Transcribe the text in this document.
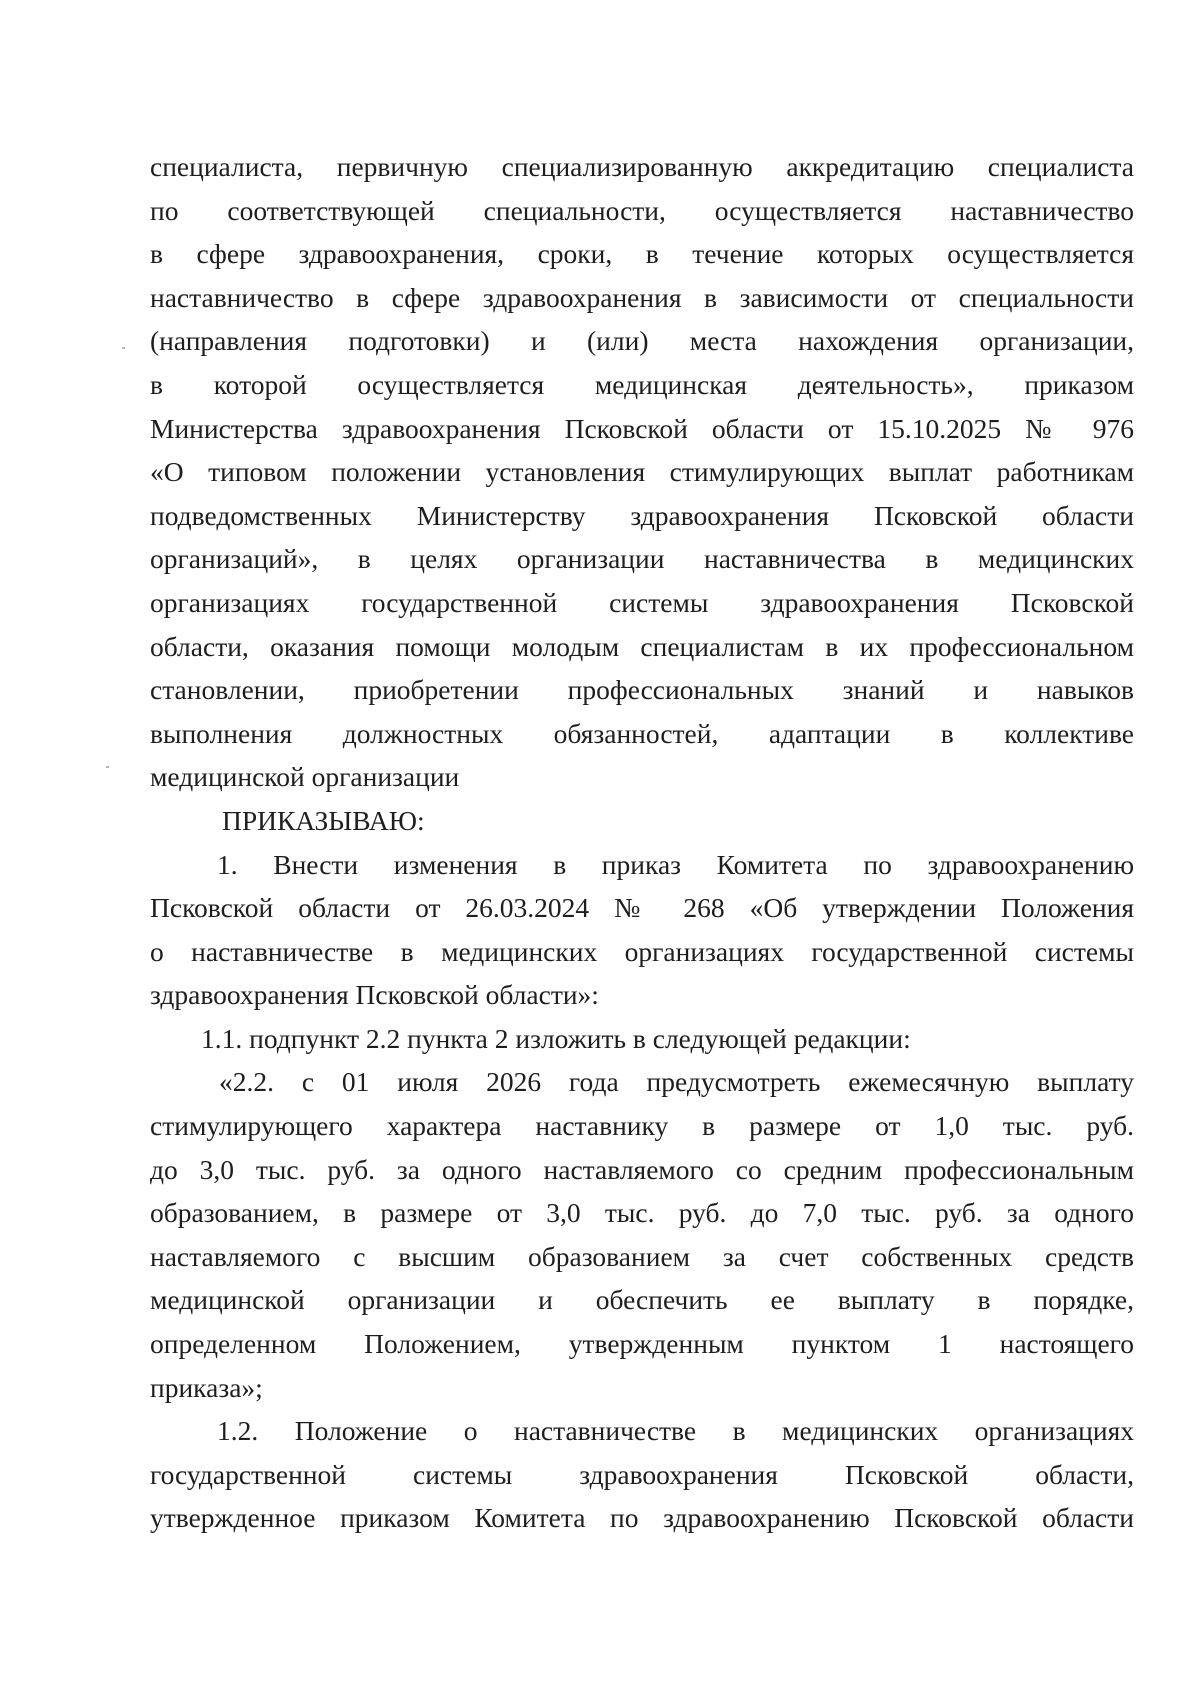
специалиста, первичную специализированную аккредитацию специалиста
по соответствующей специальности, осуществляется наставничество
в сфере здравоохранения, сроки, в течение которых осуществляется
наставничество в сфере здравоохранения в зависимости от специальности
(направления подготовки) и (или) места нахождения организации,
в которой осуществляется медицинская деятельность», приказом
Министерства здравоохранения Псковской области от 15.10.2025 № 976
«О типовом положении установления стимулирующих выплат работникам
подведомственных Министерству здравоохранения Псковской области
организаций», в целях организации наставничества в медицинских
организациях государственной системы здравоохранения Псковской
области, оказания помощи молодым специалистам в их профессиональном
становлении, приобретении профессиональных знаний и навыков
выполнения должностных обязанностей, адаптации в коллективе
медицинской организации
ПРИКАЗЫВАЮ:
1. Внести изменения в приказ Комитета по здравоохранению
Псковской области от 26.03.2024 № 268 «Об утверждении Положения
о наставничестве в медицинских организациях государственной системы
здравоохранения Псковской области»:
1.1. подпункт 2.2 пункта 2 изложить в следующей редакции:
«2.2. с 01 июля 2026 года предусмотреть ежемесячную выплату
стимулирующего характера наставнику в размере от 1,0 тыс. руб.
до 3,0 тыс. руб. за одного наставляемого со средним профессиональным
образованием, в размере от 3,0 тыс. руб. до 7,0 тыс. руб. за одного
наставляемого с высшим образованием за счет собственных средств
медицинской организации и обеспечить ее выплату в порядке,
определенном Положением, утвержденным пунктом 1 настоящего
приказа»;
1.2. Положение о наставничестве в медицинских организациях
государственной системы здравоохранения Псковской области,
утвержденное приказом Комитета по здравоохранению Псковской области
